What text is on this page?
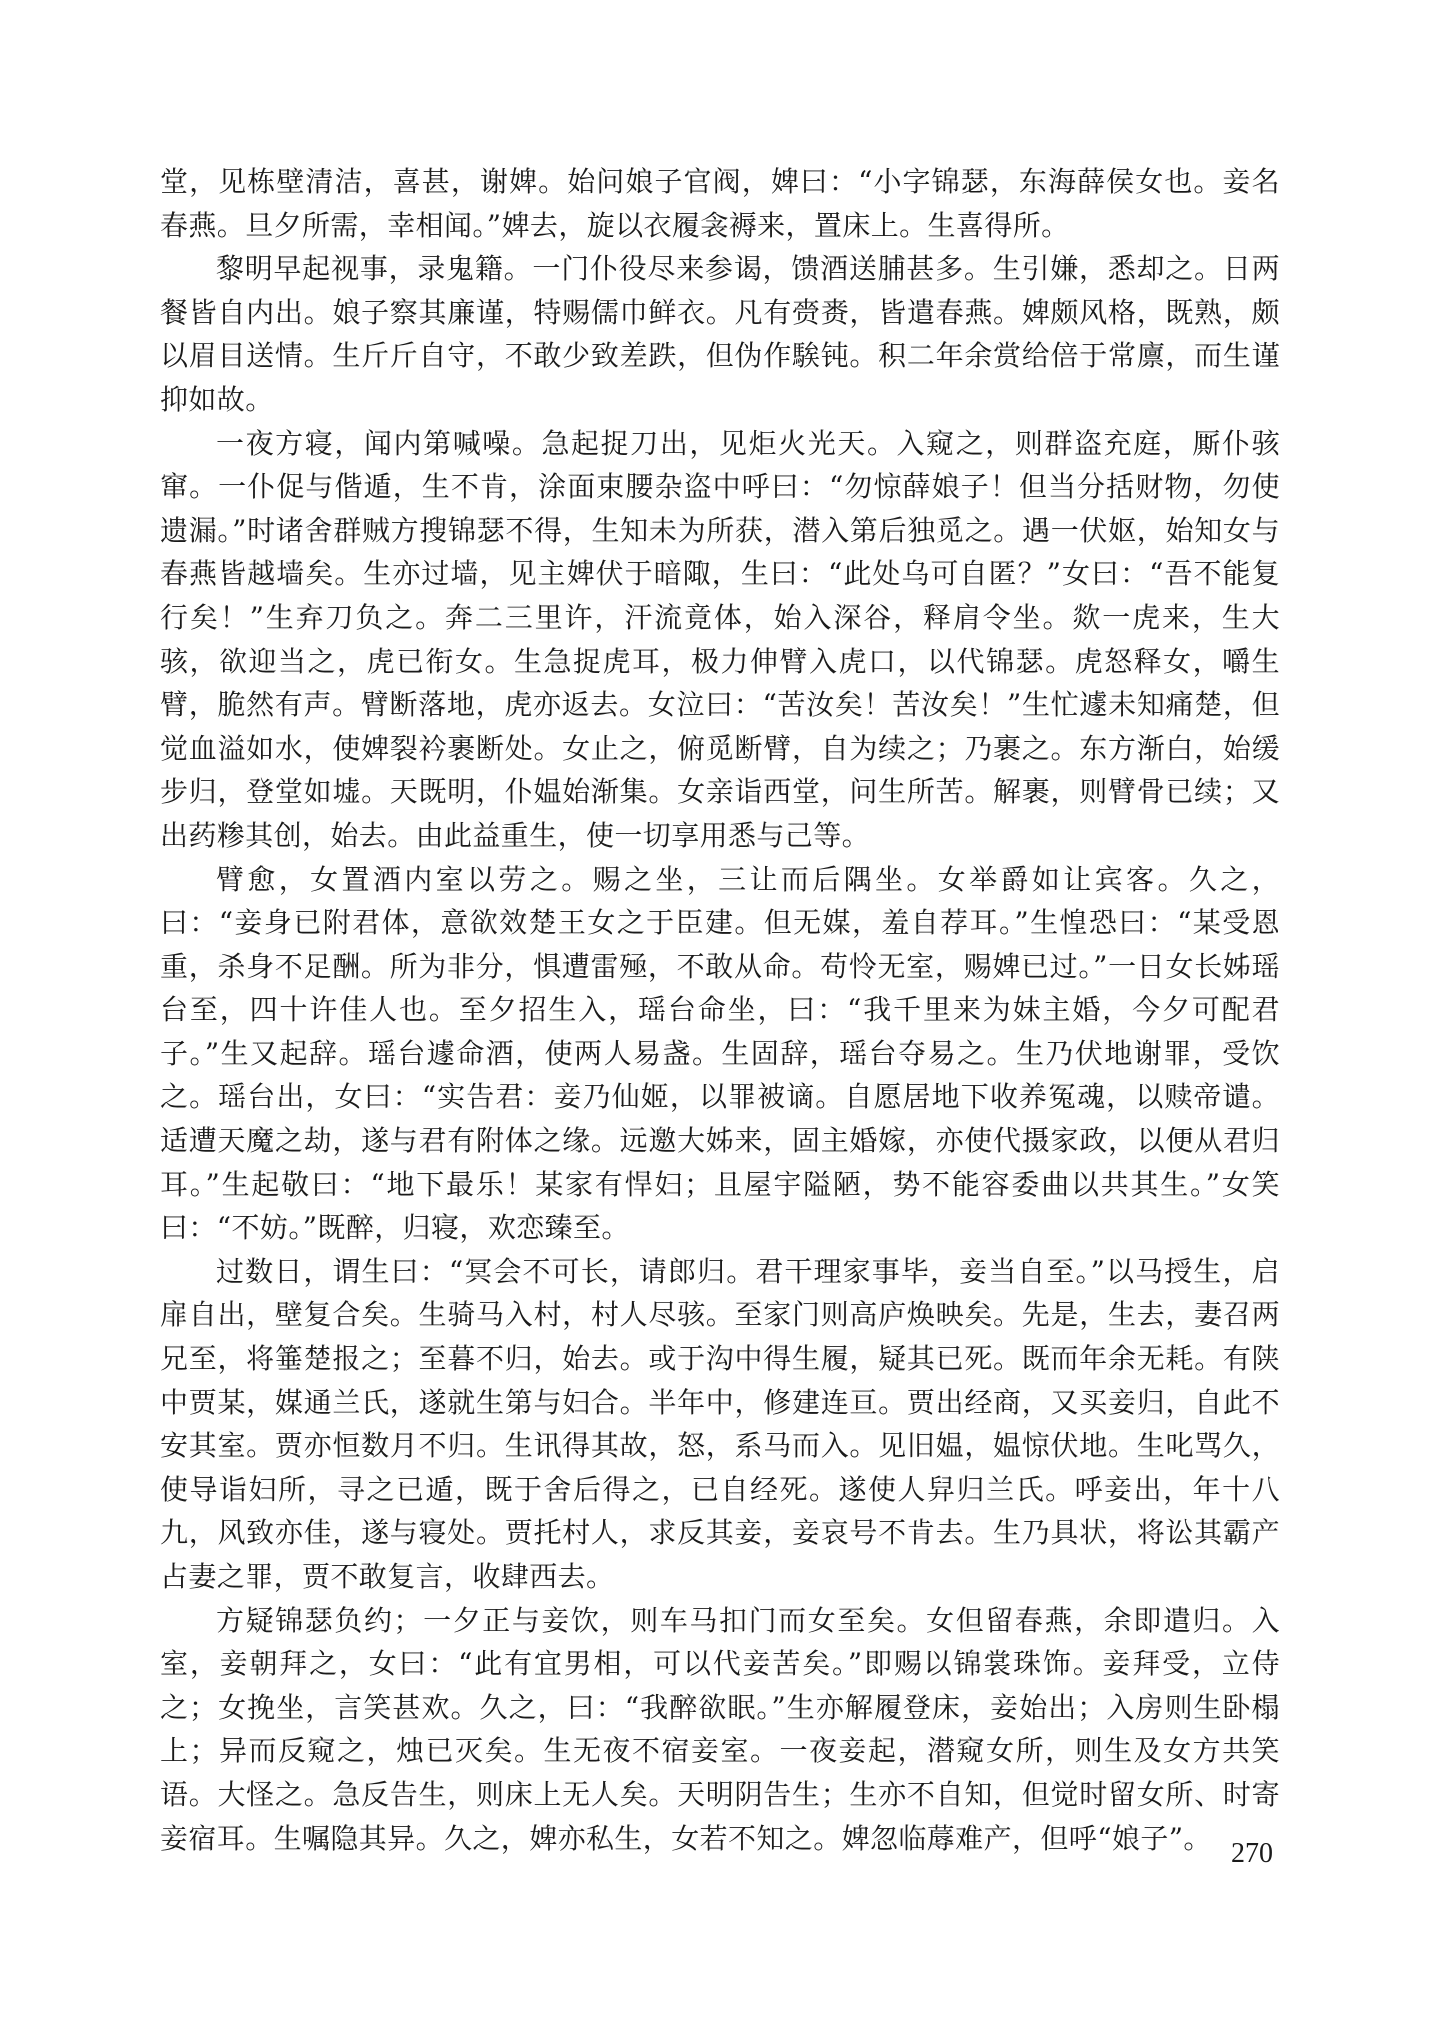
堂，见栋壁清洁，喜甚，谢婢。始问娘子官阀，婢曰：“小字锦瑟，东海薛侯女也。妾名春燕。旦夕所需，幸相闻。”婢去，旋以衣履衾褥来，置床上。生喜得所。

黎明早起视事，录鬼籍。一门仆役尽来参谒，馈酒送脯甚多。生引嫌，悉却之。日两餐皆自内出。娘子察其廉谨，特赐儒巾鲜衣。凡有赍赉，皆遣春燕。婢颇风格，既熟，颇以眉目送情。生斤斤自守，不敢少致差跌，但伪作騃钝。积二年余赏给倍于常廪，而生谨抑如故。

一夜方寝，闻内第喊噪。急起捉刀出，见炬火光天。入窥之，则群盗充庭，厮仆骇窜。一仆促与偕遁，生不肯，涂面束腰杂盗中呼曰：“勿惊薛娘子！但当分括财物，勿使遗漏。”时诸舍群贼方搜锦瑟不得，生知未为所获，潜入第后独觅之。遇一伏妪，始知女与春燕皆越墙矣。生亦过墙，见主婢伏于暗陬，生曰：“此处乌可自匿？”女曰：“吾不能复行矣！”生弃刀负之。奔二三里许，汗流竟体，始入深谷，释肩令坐。欻一虎来，生大骇，欲迎当之，虎已衔女。生急捉虎耳，极力伸臂入虎口，以代锦瑟。虎怒释女，嚼生臂，脆然有声。臂断落地，虎亦返去。女泣曰：“苦汝矣！苦汝矣！”生忙遽未知痛楚，但觉血溢如水，使婢裂衿裹断处。女止之，俯觅断臂，自为续之；乃裹之。东方渐白，始缓步归，登堂如墟。天既明，仆媪始渐集。女亲诣西堂，问生所苦。解裹，则臂骨已续；又出药糁其创，始去。由此益重生，使一切享用悉与己等。

臂愈，女置酒内室以劳之。赐之坐，三让而后隅坐。女举爵如让宾客。久之，曰：“妾身已附君体，意欲效楚王女之于臣建。但无媒，羞自荐耳。”生惶恐曰：“某受恩重，杀身不足酬。所为非分，惧遭雷殛，不敢从命。苟怜无室，赐婢已过。”一日女长姊瑶台至，四十许佳人也。至夕招生入，瑶台命坐，曰：“我千里来为妹主婚，今夕可配君子。”生又起辞。瑶台遽命酒，使两人易盏。生固辞，瑶台夺易之。生乃伏地谢罪，受饮之。瑶台出，女曰：“实告君：妾乃仙姬，以罪被谪。自愿居地下收养冤魂，以赎帝谴。适遭天魔之劫，遂与君有附体之缘。远邀大姊来，固主婚嫁，亦使代摄家政，以便从君归耳。”生起敬曰：“地下最乐！某家有悍妇；且屋宇隘陋，势不能容委曲以共其生。”女笑曰：“不妨。”既醉，归寝，欢恋臻至。

过数日，谓生曰：“冥会不可长，请郎归。君干理家事毕，妾当自至。”以马授生，启扉自出，壁复合矣。生骑马入村，村人尽骇。至家门则高庐焕映矣。先是，生去，妻召两兄至，将箠楚报之；至暮不归，始去。或于沟中得生履，疑其已死。既而年余无耗。有陕中贾某，媒通兰氏，遂就生第与妇合。半年中，修建连亘。贾出经商，又买妾归，自此不安其室。贾亦恒数月不归。生讯得其故，怒，系马而入。见旧媪，媪惊伏地。生叱骂久，使导诣妇所，寻之已遁，既于舍后得之，已自经死。遂使人舁归兰氏。呼妾出，年十八九，风致亦佳，遂与寝处。贾托村人，求反其妾，妾哀号不肯去。生乃具状，将讼其霸产占妻之罪，贾不敢复言，收肆西去。

方疑锦瑟负约；一夕正与妾饮，则车马扣门而女至矣。女但留春燕，余即遣归。入室，妾朝拜之，女曰：“此有宜男相，可以代妾苦矣。”即赐以锦裳珠饰。妾拜受，立侍之；女挽坐，言笑甚欢。久之，曰：“我醉欲眠。”生亦解履登床，妾始出；入房则生卧榻上；异而反窥之，烛已灭矣。生无夜不宿妾室。一夜妾起，潜窥女所，则生及女方共笑语。大怪之。急反告生，则床上无人矣。天明阴告生；生亦不自知，但觉时留女所、时寄妾宿耳。生嘱隐其异。久之，婢亦私生，女若不知之。婢忽临蓐难产，但呼“娘子”。 270
